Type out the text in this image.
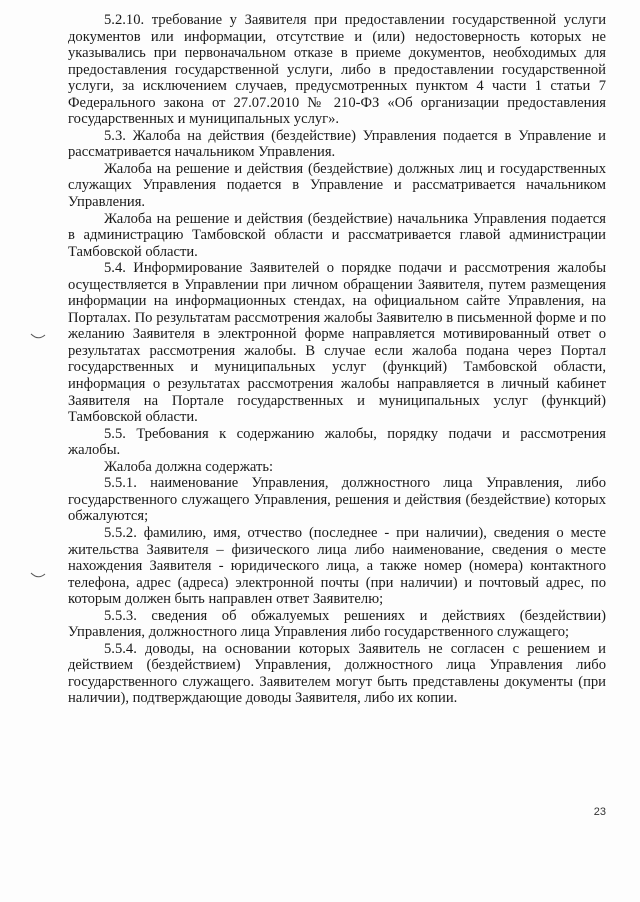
5.2.10. требование у Заявителя при предоставлении государственной услуги документов или информации, отсутствие и (или) недостоверность которых не указывались при первоначальном отказе в приеме документов, необходимых для предоставления государственной услуги, либо в предоставлении государственной услуги, за исключением случаев, предусмотренных пунктом 4 части 1 статьи 7 Федерального закона от 27.07.2010 № 210-ФЗ «Об организации предоставления государственных и муниципальных услуг».

5.3. Жалоба на действия (бездействие) Управления подается в Управление и рассматривается начальником Управления.

Жалоба на решение и действия (бездействие) должных лиц и государственных служащих Управления подается в Управление и рассматривается начальником Управления.

Жалоба на решение и действия (бездействие) начальника Управления подается в администрацию Тамбовской области и рассматривается главой администрации Тамбовской области.

5.4. Информирование Заявителей о порядке подачи и рассмотрения жалобы осуществляется в Управлении при личном обращении Заявителя, путем размещения информации на информационных стендах, на официальном сайте Управления, на Порталах. По результатам рассмотрения жалобы Заявителю в письменной форме и по желанию Заявителя в электронной форме направляется мотивированный ответ о результатах рассмотрения жалобы. В случае если жалоба подана через Портал государственных и муниципальных услуг (функций) Тамбовской области, информация о результатах рассмотрения жалобы направляется в личный кабинет Заявителя на Портале государственных и муниципальных услуг (функций) Тамбовской области.

5.5. Требования к содержанию жалобы, порядку подачи и рассмотрения жалобы.

Жалоба должна содержать:

5.5.1. наименование Управления, должностного лица Управления, либо государственного служащего Управления, решения и действия (бездействие) которых обжалуются;

5.5.2. фамилию, имя, отчество (последнее - при наличии), сведения о месте жительства Заявителя – физического лица либо наименование, сведения о месте нахождения Заявителя - юридического лица, а также номер (номера) контактного телефона, адрес (адреса) электронной почты (при наличии) и почтовый адрес, по которым должен быть направлен ответ Заявителю;

5.5.3. сведения об обжалуемых решениях и действиях (бездействии) Управления, должностного лица Управления либо государственного служащего;

5.5.4. доводы, на основании которых Заявитель не согласен с решением и действием (бездействием) Управления, должностного лица Управления либо государственного служащего. Заявителем могут быть представлены документы (при наличии), подтверждающие доводы Заявителя, либо их копии.

23
